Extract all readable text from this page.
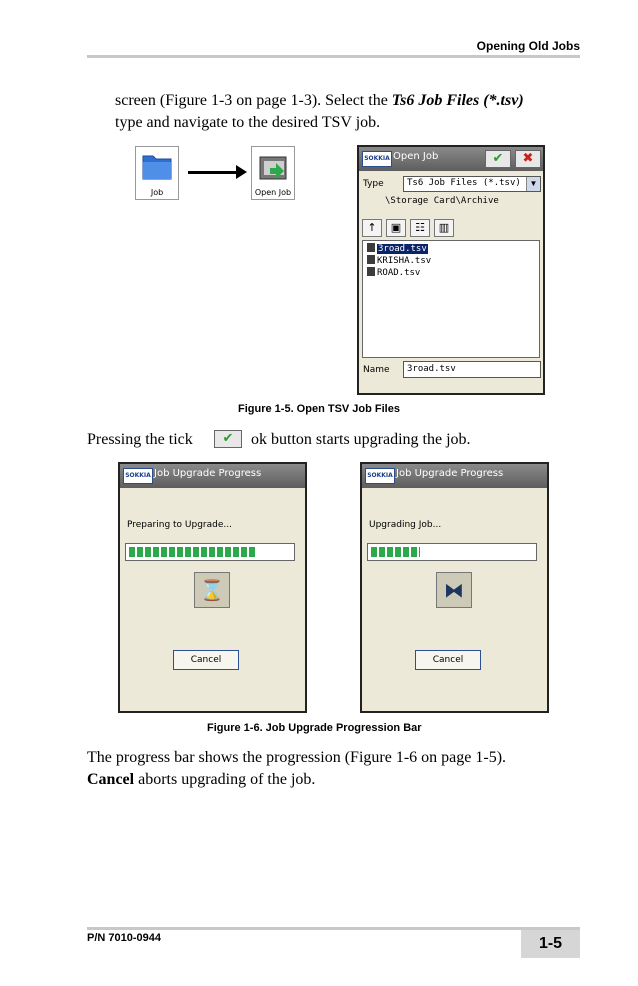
Opening Old Jobs
screen (Figure 1-3 on page 1-3). Select the Ts6 Job Files (*.tsv)
type and navigate to the desired TSV job.
Job	Open Job
SOKKIA Open Job	✔	✖
Type	Ts6 Job Files (*.tsv)	▼
\Storage Card\Archive
↑	▣	☷	▥
3road.tsv
KRISHA.tsv
ROAD.tsv
Name 3road.tsv
Figure 1-5. Open TSV Job Files
Pressing the tick	✔	ok button starts upgrading the job.
SOKKIA Job Upgrade Progress
Preparing to Upgrade...
⌛
Cancel
SOKKIA Job Upgrade Progress
Upgrading Job...
⧓
Cancel
Figure 1-6. Job Upgrade Progression Bar
The progress bar shows the progression (Figure 1-6 on page 1-5).
Cancel aborts upgrading of the job.
P/N 7010-0944	1-5
